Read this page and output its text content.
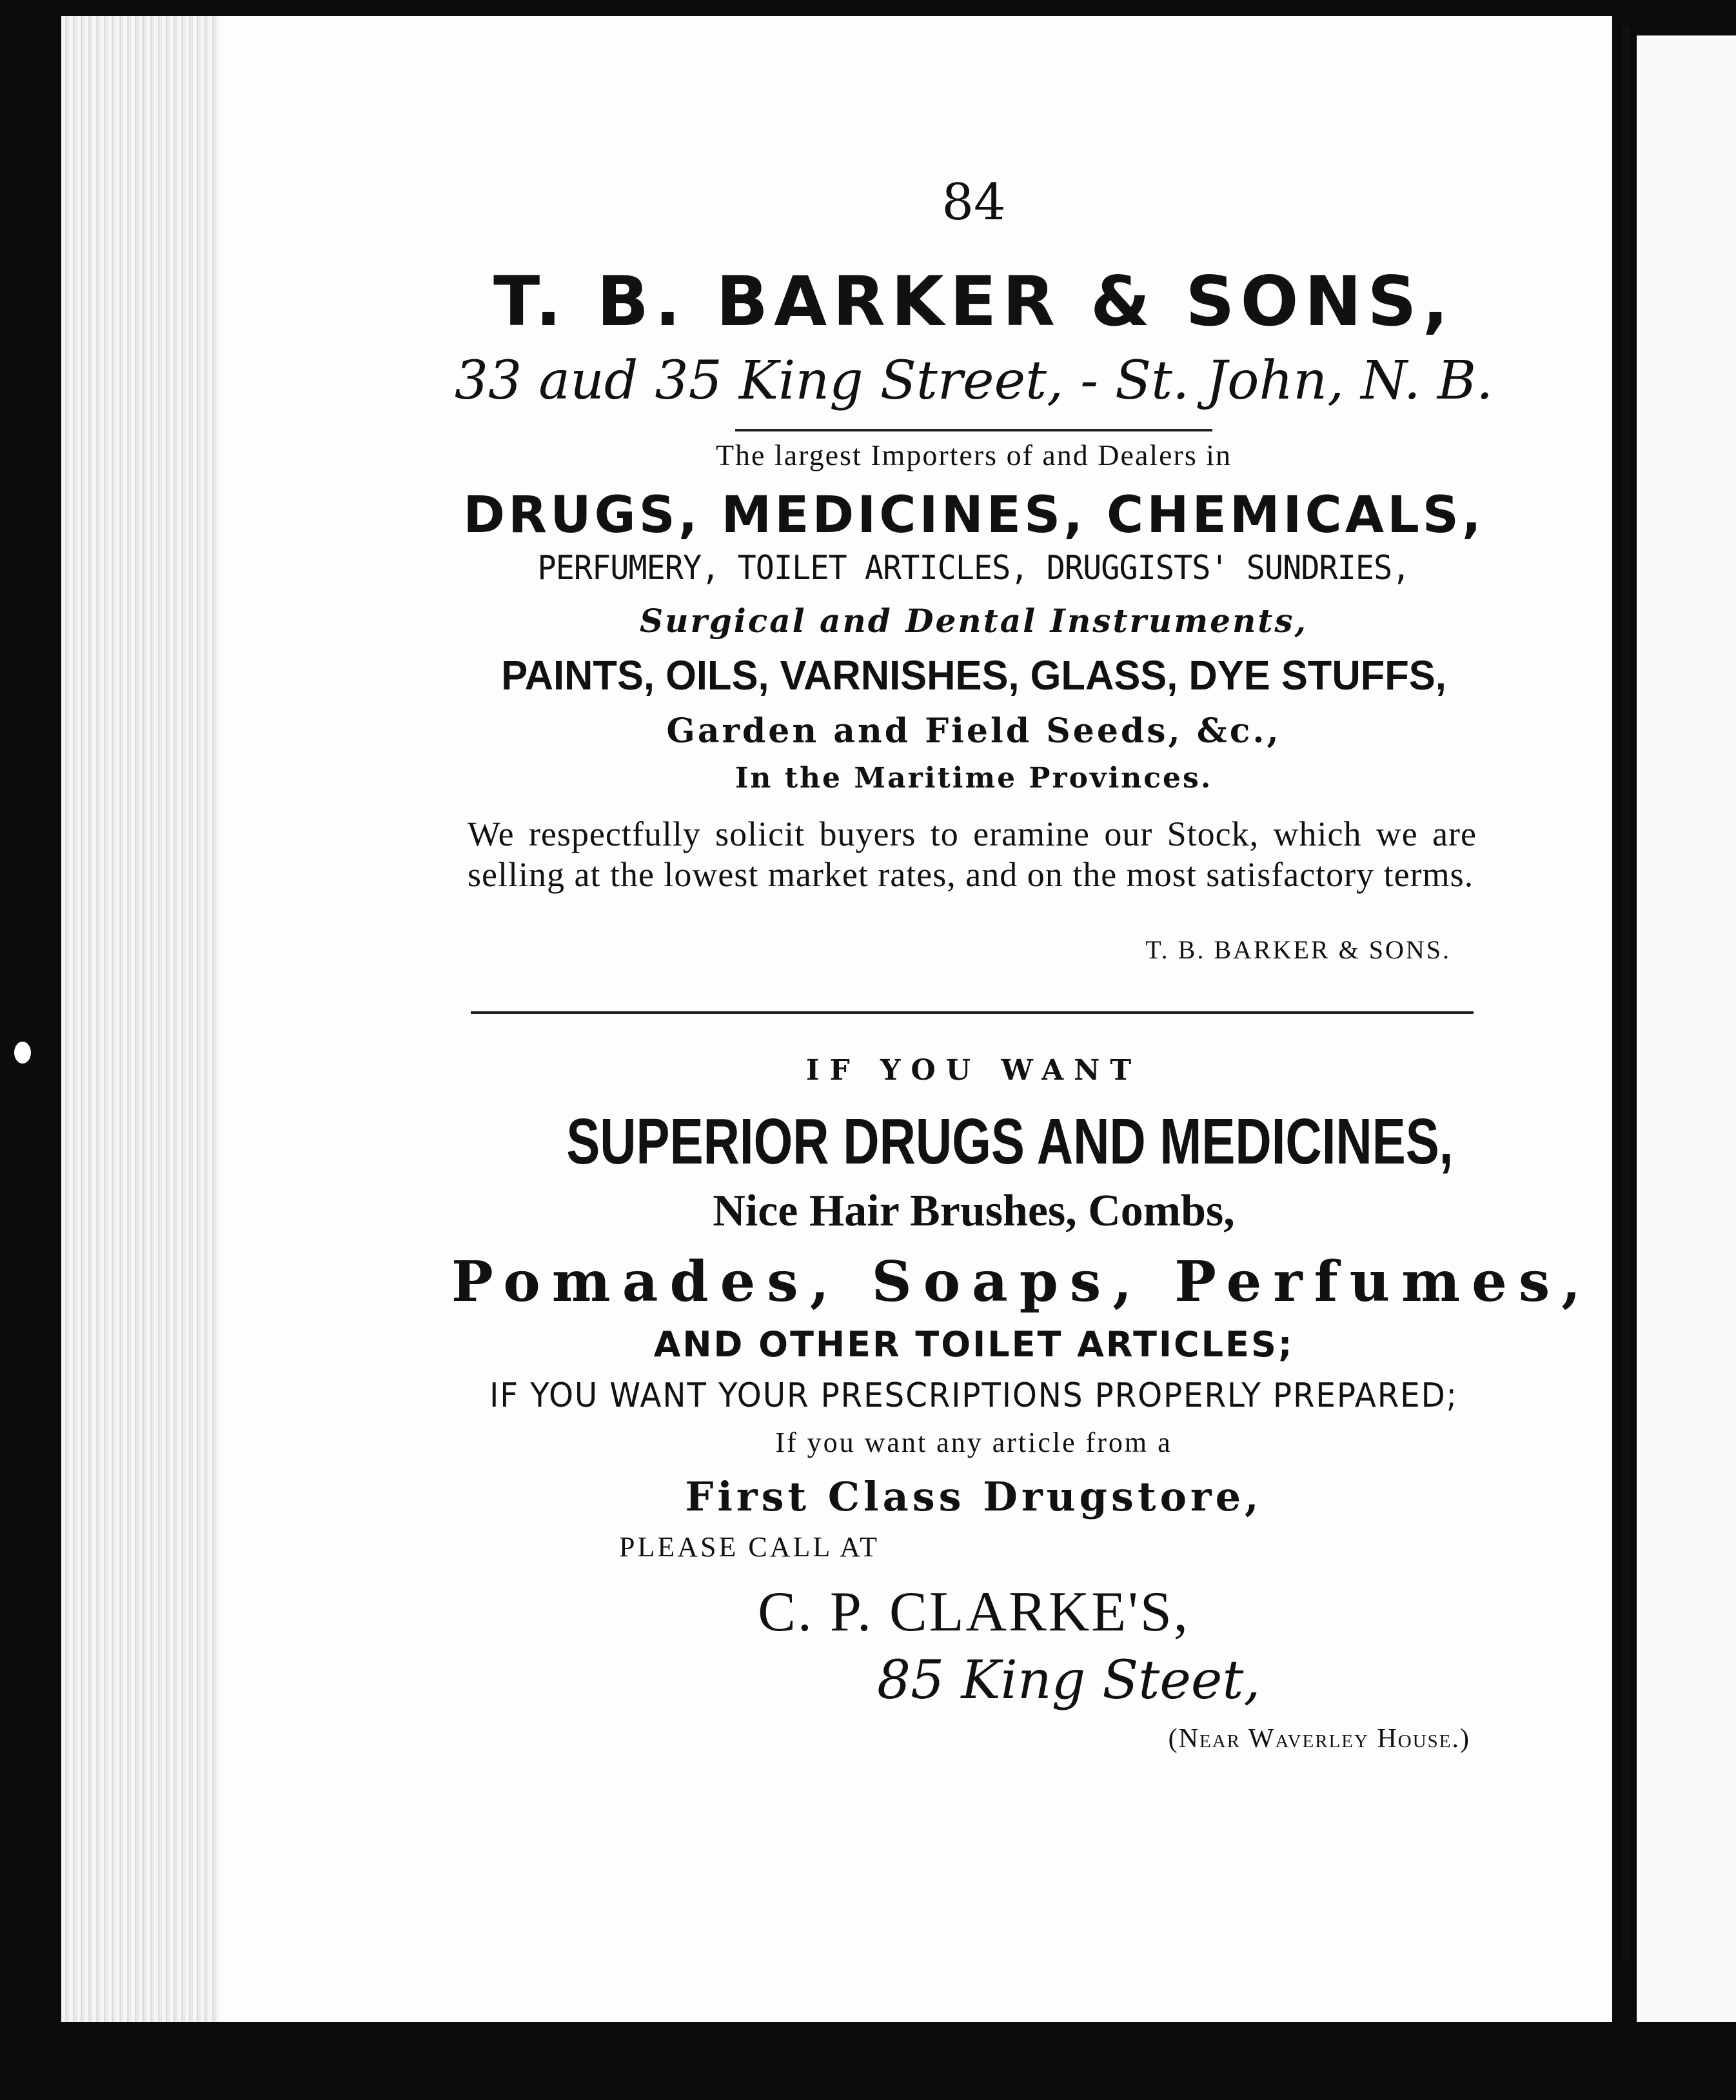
84
T. B. BARKER & SONS,
33 aud 35 King Street, - St. John, N. B.
The largest Importers of and Dealers in
DRUGS, MEDICINES, CHEMICALS,
PERFUMERY, TOILET ARTICLES, DRUGGISTS' SUNDRIES,
Surgical and Dental Instruments,
PAINTS, OILS, VARNISHES, GLASS, DYE STUFFS,
Garden and Field Seeds, &c.,
In the Maritime Provinces.
We respectfully solicit buyers to eramine our Stock, which we are selling at the lowest market rates, and on the most satisfactory terms.
T. B. BARKER & SONS.
IF YOU WANT
SUPERIOR DRUGS AND MEDICINES,
Nice Hair Brushes, Combs,
Pomades, Soaps, Perfumes,
AND OTHER TOILET ARTICLES;
IF YOU WANT YOUR PRESCRIPTIONS PROPERLY PREPARED;
If you want any article from a
First Class Drugstore,
PLEASE CALL AT
C. P. CLARKE'S,
85 King Steet,
(Near Waverley House.)
